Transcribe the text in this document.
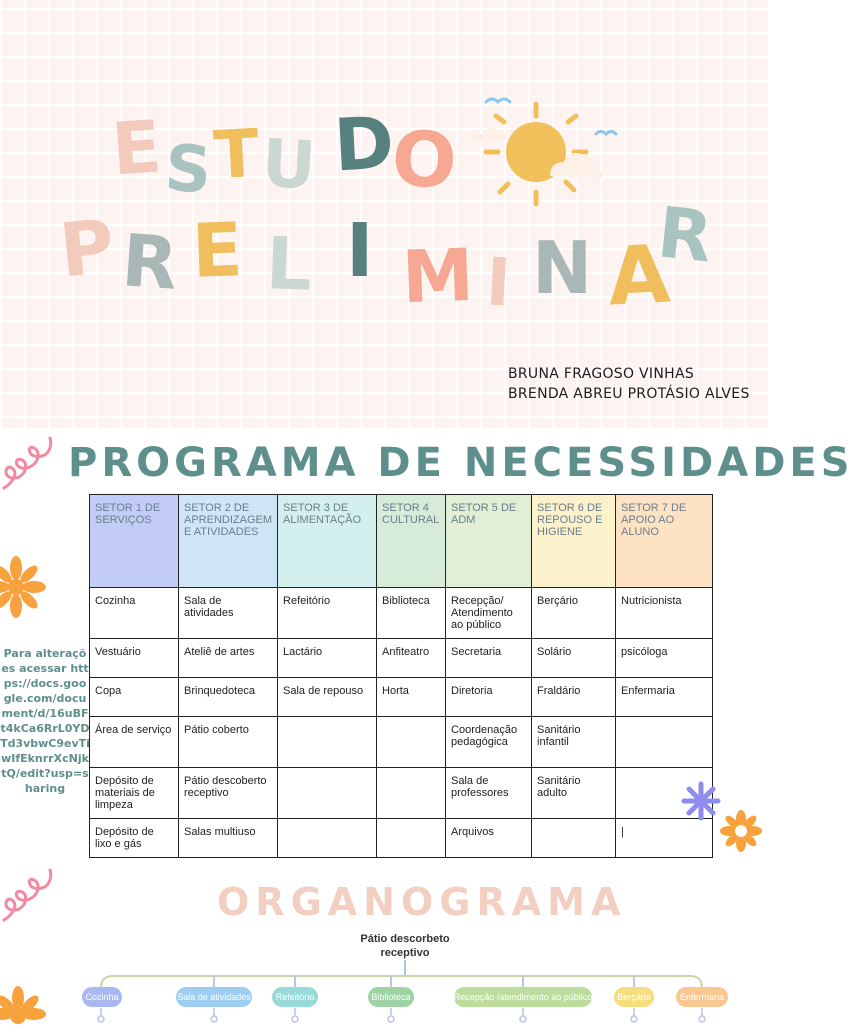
E
S
T U D
O
P R E L I M I N A
R
BRUNA FRAGOSO VINHAS
BRENDA ABREU PROTÁSIO ALVES
PROGRAMA DE NECESSIDADES
Para alterações acessar https://docs.google.com/document/d/16uBFt4kCa6RrL0YDTd3vbwC9evTiwIfEknrrXcNjktQ/edit?usp=sharing
SETOR 1 DE SERVIÇOS	SETOR 2 DE APRENDIZAGEM E ATIVIDADES	SETOR 3 DE ALIMENTAÇÃO	SETOR 4 CULTURAL	SETOR 5 DE ADM	SETOR 6 DE REPOUSO E HIGIENE	SETOR 7 DE APOIO AO ALUNO
Cozinha	Sala de atividades	Refeitório	Biblioteca	Recepção/ Atendimento ao público	Berçário	Nutricionista
Vestuário	Ateliê de artes	Lactário	Anfiteatro	Secretaria	Solário	psicóloga
Copa	Brinquedoteca	Sala de repouso	Horta	Diretoria	Fraldário	Enfermaria
Área de serviço	Pátio coberto			Coordenação pedagógica	Sanitário infantil	
Depósito de materiais de limpeza	Pátio descoberto receptivo			Sala de professores	Sanitário adulto	
Depósito de lixo e gás	Salas multiuso			Arquivos		|
ORGANOGRAMA
Pátio descorbeto receptivo
Cozinha	Sala de atividades	Refeitório	Biblioteca	Recepção /atendimento ao público	Berçário	Enfermaria
